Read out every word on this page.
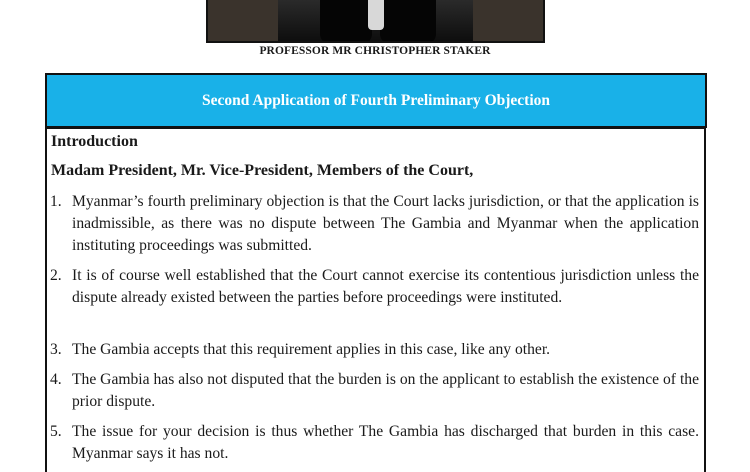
PROFESSOR MR CHRISTOPHER STAKER
Second Application of Fourth Preliminary Objection
Introduction
Madam President, Mr. Vice-President, Members of the Court,
1. Myanmar’s fourth preliminary objection is that the Court lacks jurisdiction, or that the application is inadmissible, as there was no dispute between The Gambia and Myanmar when the application instituting proceedings was submitted.
2. It is of course well established that the Court cannot exercise its contentious jurisdiction unless the dispute already existed between the parties before proceedings were instituted.
3. The Gambia accepts that this requirement applies in this case, like any other.
4. The Gambia has also not disputed that the burden is on the applicant to establish the existence of the prior dispute.
5. The issue for your decision is thus whether The Gambia has discharged that burden in this case. Myanmar says it has not.
